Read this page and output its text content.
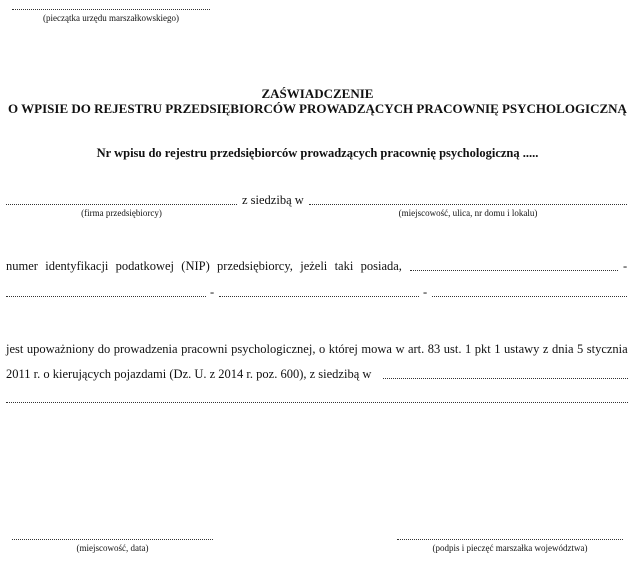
(pieczątka urzędu marszałkowskiego)
ZAŚWIADCZENIE
O WPISIE DO REJESTRU PRZEDSIĘBIORCÓW PROWADZĄCYCH PRACOWNIĘ PSYCHOLOGICZNĄ
Nr wpisu do rejestru przedsiębiorców prowadzących pracownię psychologiczną .....
z siedzibą w
(firma przedsiębiorcy)	(miejscowość, ulica, nr domu i lokalu)
numer identyfikacji podatkowej (NIP) przedsiębiorcy, jeżeli taki posiada,	-
-	-
jest upoważniony do prowadzenia pracowni psychologicznej, o której mowa w art. 83 ust. 1 pkt 1 ustawy z dnia 5 stycznia
2011 r. o kierujących pojazdami (Dz. U. z 2014 r. poz. 600), z siedzibą w
(miejscowość, data)	(podpis i pieczęć marszałka województwa)
